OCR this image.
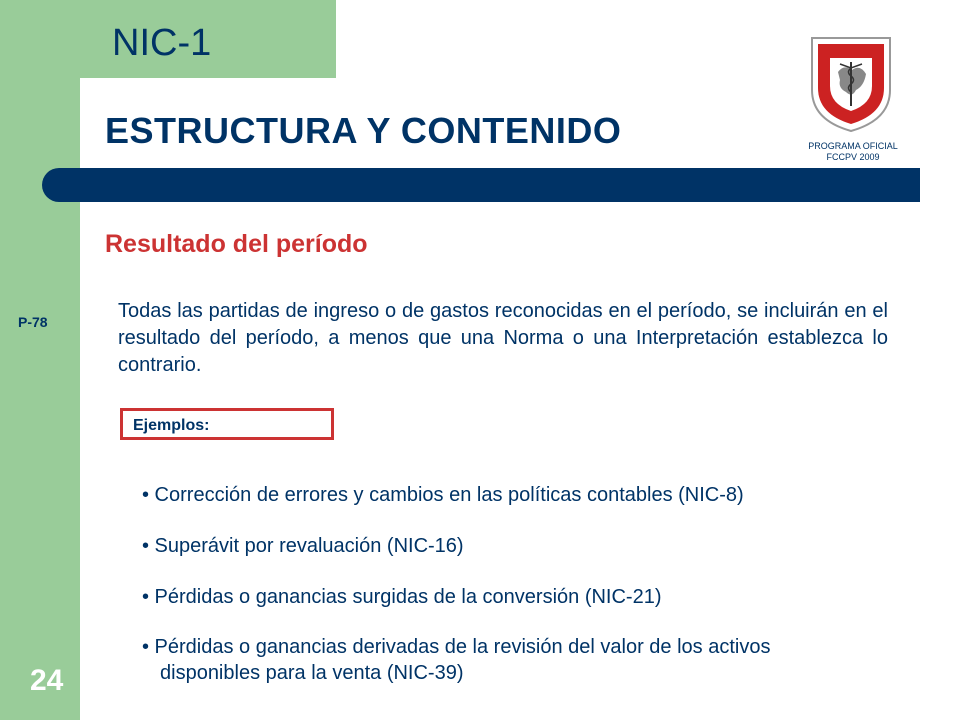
NIC-1
ESTRUCTURA Y CONTENIDO	PROGRAMA OFICIAL
FCCPV 2009
Resultado del período
P-78	Todas las partidas de ingreso o de gastos reconocidas en el período, se incluirán en el resultado del período, a menos que una Norma o una Interpretación establezca lo contrario.
Ejemplos:
• Corrección de errores y cambios en las políticas contables (NIC-8)
• Superávit por revaluación (NIC-16)
• Pérdidas o ganancias surgidas de la conversión (NIC-21)
• Pérdidas o ganancias derivadas de la revisión del valor de los activos disponibles para la venta (NIC-39)
24
